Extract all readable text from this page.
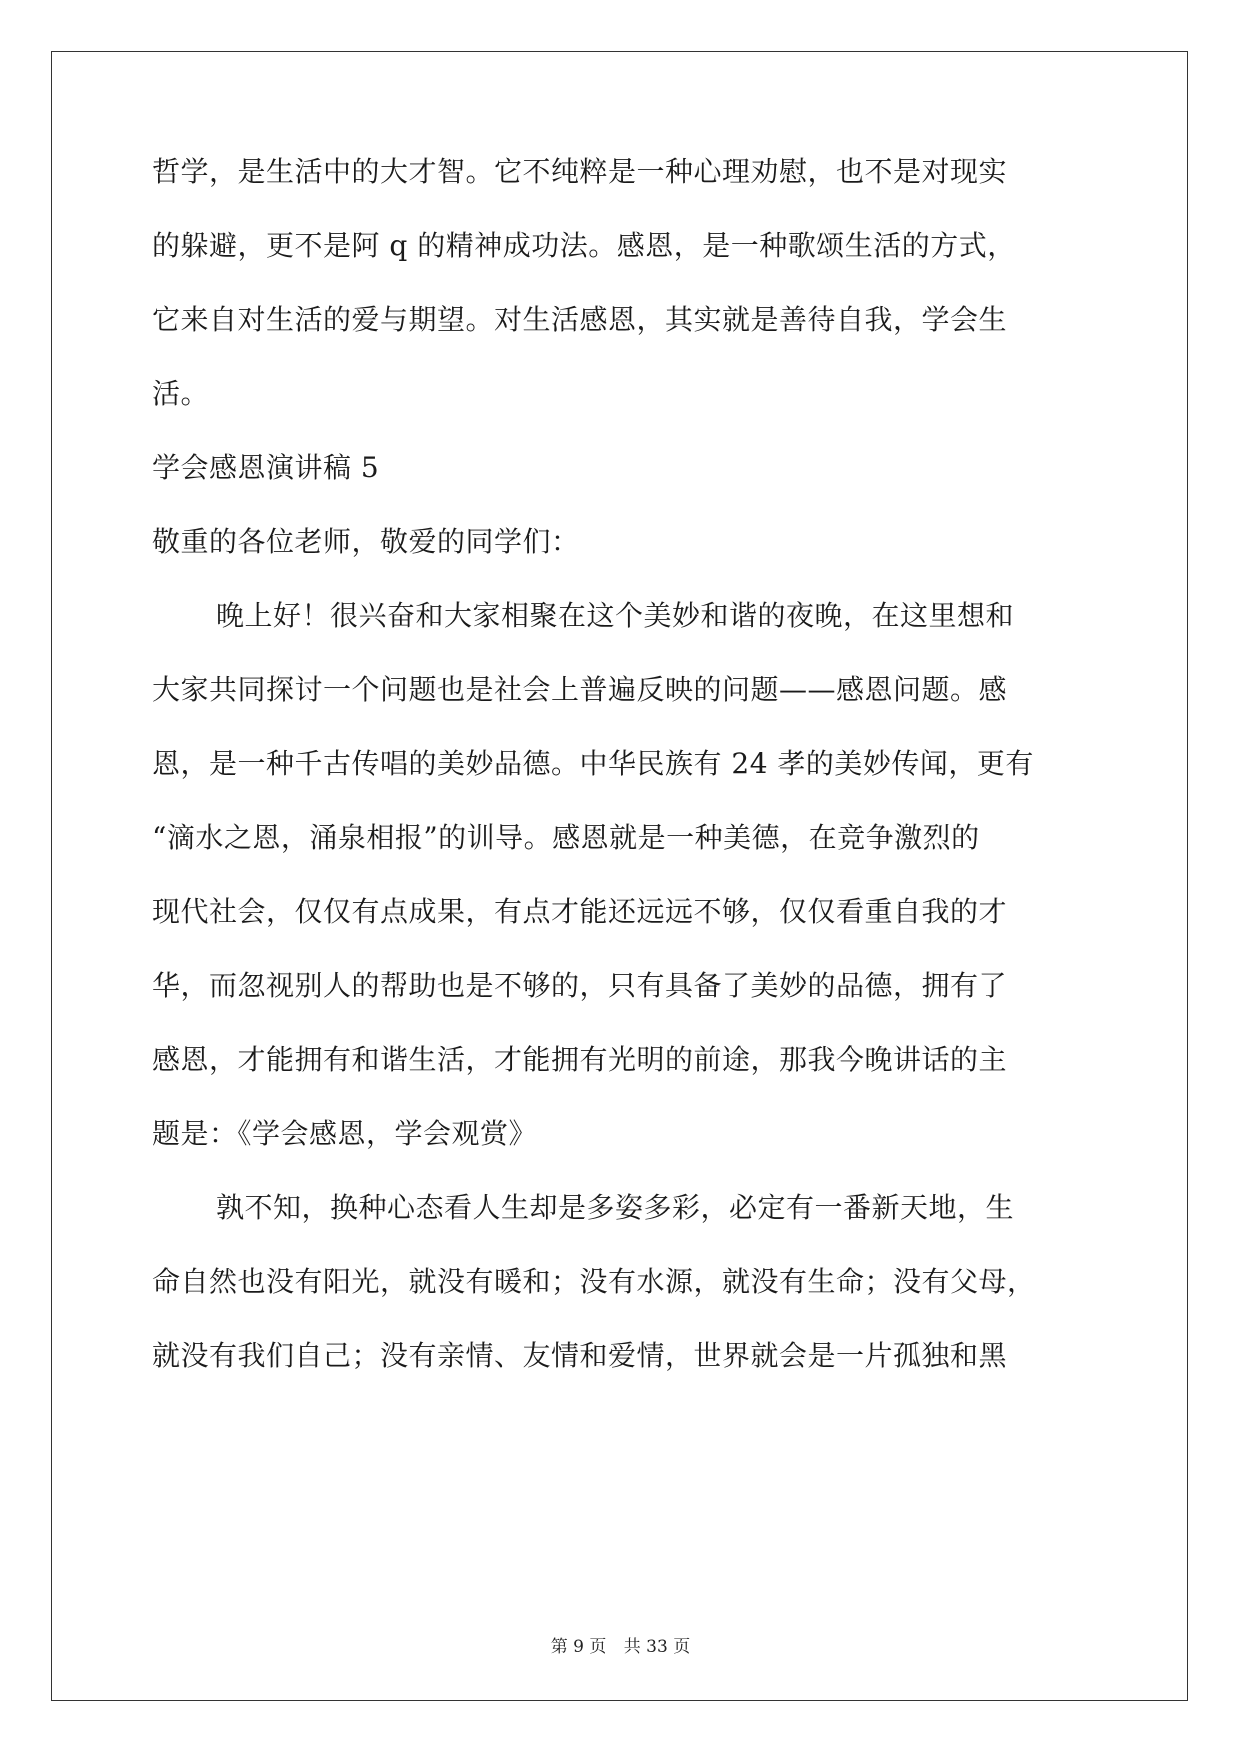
哲学，是生活中的大才智。它不纯粹是一种心理劝慰，也不是对现实
的躲避，更不是阿 q 的精神成功法。感恩，是一种歌颂生活的方式，
它来自对生活的爱与期望。对生活感恩，其实就是善待自我，学会生
活。
学会感恩演讲稿 5
敬重的各位老师，敬爱的同学们：
晚上好！很兴奋和大家相聚在这个美妙和谐的夜晚，在这里想和
大家共同探讨一个问题也是社会上普遍反映的问题——感恩问题。感
恩，是一种千古传唱的美妙品德。中华民族有 24 孝的美妙传闻，更有
“滴水之恩，涌泉相报”的训导。感恩就是一种美德，在竞争激烈的
现代社会，仅仅有点成果，有点才能还远远不够，仅仅看重自我的才
华，而忽视别人的帮助也是不够的，只有具备了美妙的品德，拥有了
感恩，才能拥有和谐生活，才能拥有光明的前途，那我今晚讲话的主
题是：《学会感恩，学会观赏》
孰不知，换种心态看人生却是多姿多彩，必定有一番新天地，生
命自然也没有阳光，就没有暖和；没有水源，就没有生命；没有父母，
就没有我们自己；没有亲情、友情和爱情，世界就会是一片孤独和黑
第 9 页 共 33 页
